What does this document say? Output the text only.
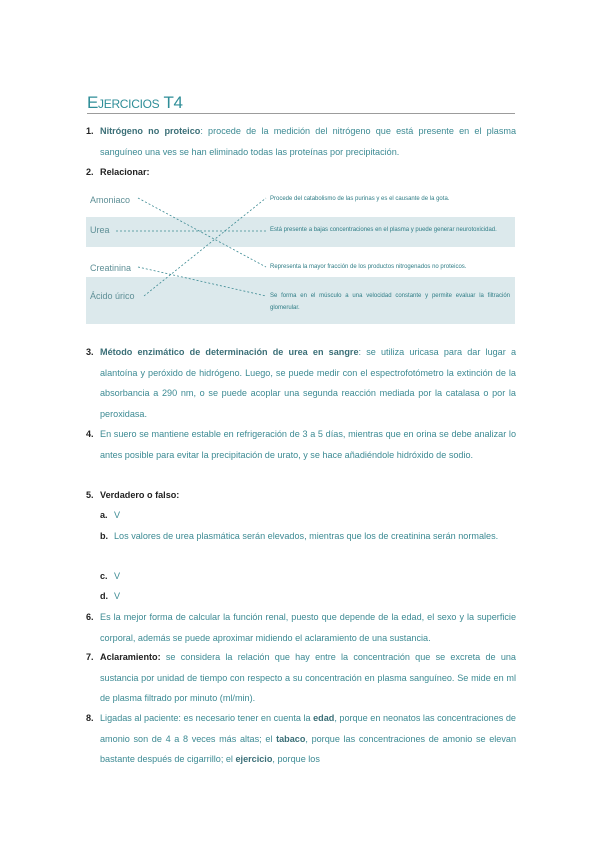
Ejercicios T4
1. Nitrógeno no proteico: procede de la medición del nitrógeno que está presente en el plasma sanguíneo una ves se han eliminado todas las proteínas por precipitación.
2. Relacionar:
Amoniaco
Urea
Creatinina
Ácido úrico
Procede del catabolismo de las purinas y es el causante de la gota.
Está presente a bajas concentraciones en el plasma y puede generar neurotoxicidad.
Representa la mayor fracción de los productos nitrogenados no proteicos.
Se forma en el músculo a una velocidad constante y permite evaluar la filtración glomerular.
3. Método enzimático de determinación de urea en sangre: se utiliza uricasa para dar lugar a alantoína y peróxido de hidrógeno. Luego, se puede medir con el espectrofotómetro la extinción de la absorbancia a 290 nm, o se puede acoplar una segunda reacción mediada por la catalasa o por la peroxidasa.
4. En suero se mantiene estable en refrigeración de 3 a 5 días, mientras que en orina se debe analizar lo antes posible para evitar la precipitación de urato, y se hace añadiéndole hidróxido de sodio.
5. Verdadero o falso:
a. V
b. Los valores de urea plasmática serán elevados, mientras que los de creatinina serán normales.
c. V
d. V
6. Es la mejor forma de calcular la función renal, puesto que depende de la edad, el sexo y la superficie corporal, además se puede aproximar midiendo el aclaramiento de una sustancia.
7. Aclaramiento: se considera la relación que hay entre la concentración que se excreta de una sustancia por unidad de tiempo con respecto a su concentración en plasma sanguíneo. Se mide en ml de plasma filtrado por minuto (ml/min).
8. Ligadas al paciente: es necesario tener en cuenta la edad, porque en neonatos las concentraciones de amonio son de 4 a 8 veces más altas; el tabaco, porque las concentraciones de amonio se elevan bastante después de cigarrillo; el ejercicio, porque los
